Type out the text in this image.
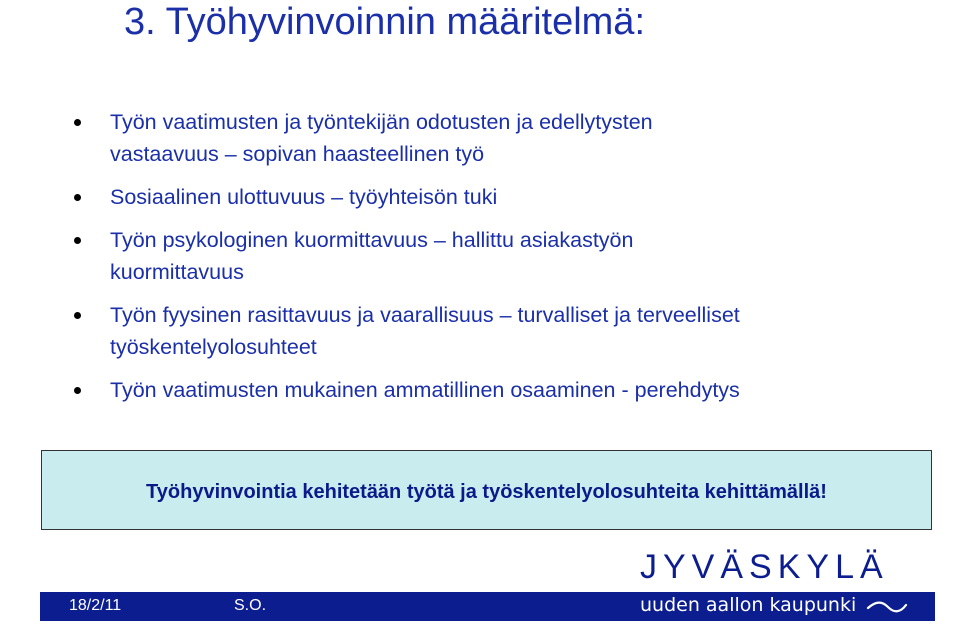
3. Työhyvinvoinnin määritelmä:
Työn vaatimusten ja työntekijän odotusten ja edellytysten
vastaavuus – sopivan haasteellinen työ
Sosiaalinen ulottuvuus – työyhteisön tuki
Työn psykologinen kuormittavuus – hallittu asiakastyön
kuormittavuus
Työn fyysinen rasittavuus ja vaarallisuus – turvalliset ja terveelliset
työskentelyolosuhteet
Työn vaatimusten mukainen ammatillinen osaaminen - perehdytys
Työhyvinvointia kehitetään työtä ja työskentelyolosuhteita kehittämällä!
JYVÄSKYLÄ
18/2/11	S.O.	uuden aallon kaupunki
